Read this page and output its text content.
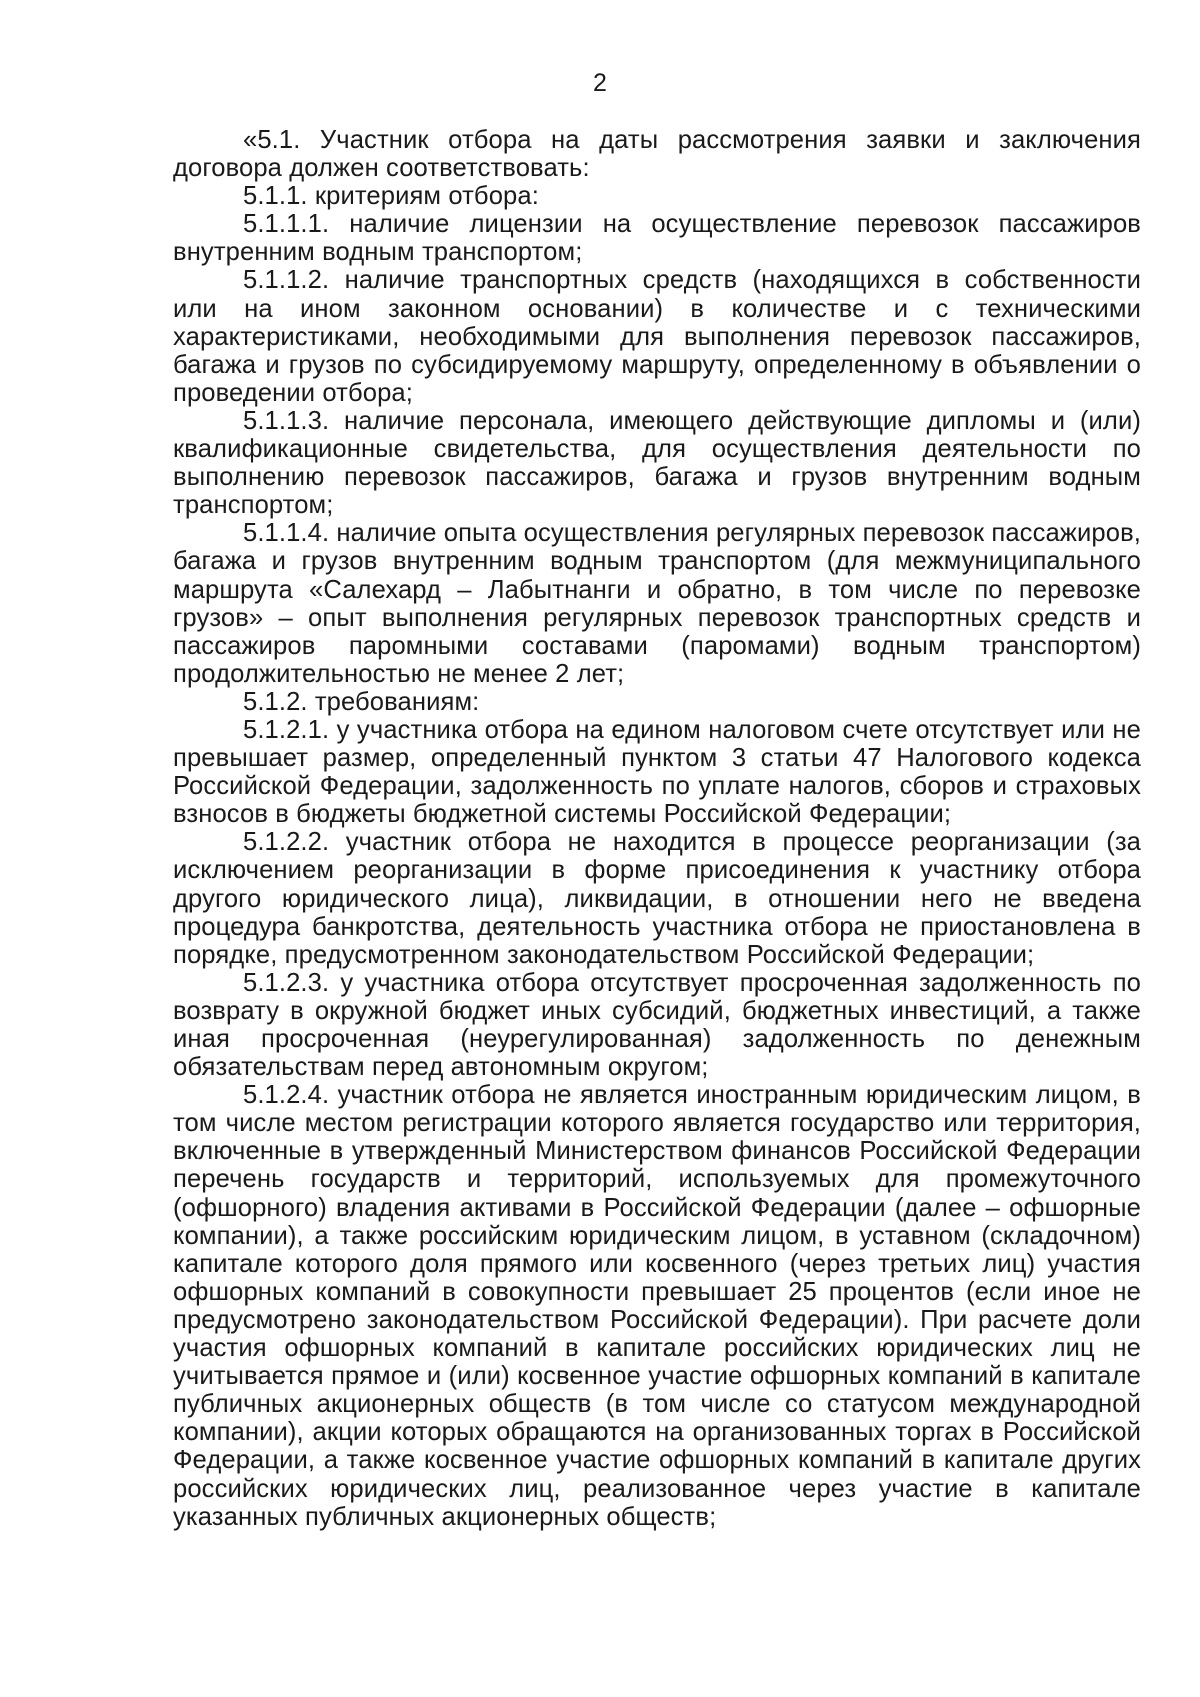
2

«5.1. Участник отбора на даты рассмотрения заявки и заключения договора должен соответствовать:

5.1.1. критериям отбора:

5.1.1.1. наличие лицензии на осуществление перевозок пассажиров внутренним водным транспортом;

5.1.1.2. наличие транспортных средств (находящихся в собственности или на ином законном основании) в количестве и с техническими характеристиками, необходимыми для выполнения перевозок пассажиров, багажа и грузов по субсидируемому маршруту, определенному в объявлении о проведении отбора;

5.1.1.3. наличие персонала, имеющего действующие дипломы и (или) квалификационные свидетельства, для осуществления деятельности по выполнению перевозок пассажиров, багажа и грузов внутренним водным транспортом;

5.1.1.4. наличие опыта осуществления регулярных перевозок пассажиров, багажа и грузов внутренним водным транспортом (для межмуниципального маршрута «Салехард – Лабытнанги и обратно, в том числе по перевозке грузов» – опыт выполнения регулярных перевозок транспортных средств и пассажиров паромными составами (паромами) водным транспортом) продолжительностью не менее 2 лет;

5.1.2. требованиям:

5.1.2.1. у участника отбора на едином налоговом счете отсутствует или не превышает размер, определенный пунктом 3 статьи 47 Налогового кодекса Российской Федерации, задолженность по уплате налогов, сборов и страховых взносов в бюджеты бюджетной системы Российской Федерации;

5.1.2.2. участник отбора не находится в процессе реорганизации (за исключением реорганизации в форме присоединения к участнику отбора другого юридического лица), ликвидации, в отношении него не введена процедура банкротства, деятельность участника отбора не приостановлена в порядке, предусмотренном законодательством Российской Федерации;

5.1.2.3. у участника отбора отсутствует просроченная задолженность по возврату в окружной бюджет иных субсидий, бюджетных инвестиций, а также иная просроченная (неурегулированная) задолженность по денежным обязательствам перед автономным округом;

5.1.2.4. участник отбора не является иностранным юридическим лицом, в том числе местом регистрации которого является государство или территория, включенные в утвержденный Министерством финансов Российской Федерации перечень государств и территорий, используемых для промежуточного (офшорного) владения активами в Российской Федерации (далее – офшорные компании), а также российским юридическим лицом, в уставном (складочном) капитале которого доля прямого или косвенного (через третьих лиц) участия офшорных компаний в совокупности превышает 25 процентов (если иное не предусмотрено законодательством Российской Федерации). При расчете доли участия офшорных компаний в капитале российских юридических лиц не учитывается прямое и (или) косвенное участие офшорных компаний в капитале публичных акционерных обществ (в том числе со статусом международной компании), акции которых обращаются на организованных торгах в Российской Федерации, а также косвенное участие офшорных компаний в капитале других российских юридических лиц, реализованное через участие в капитале указанных публичных акционерных обществ;
